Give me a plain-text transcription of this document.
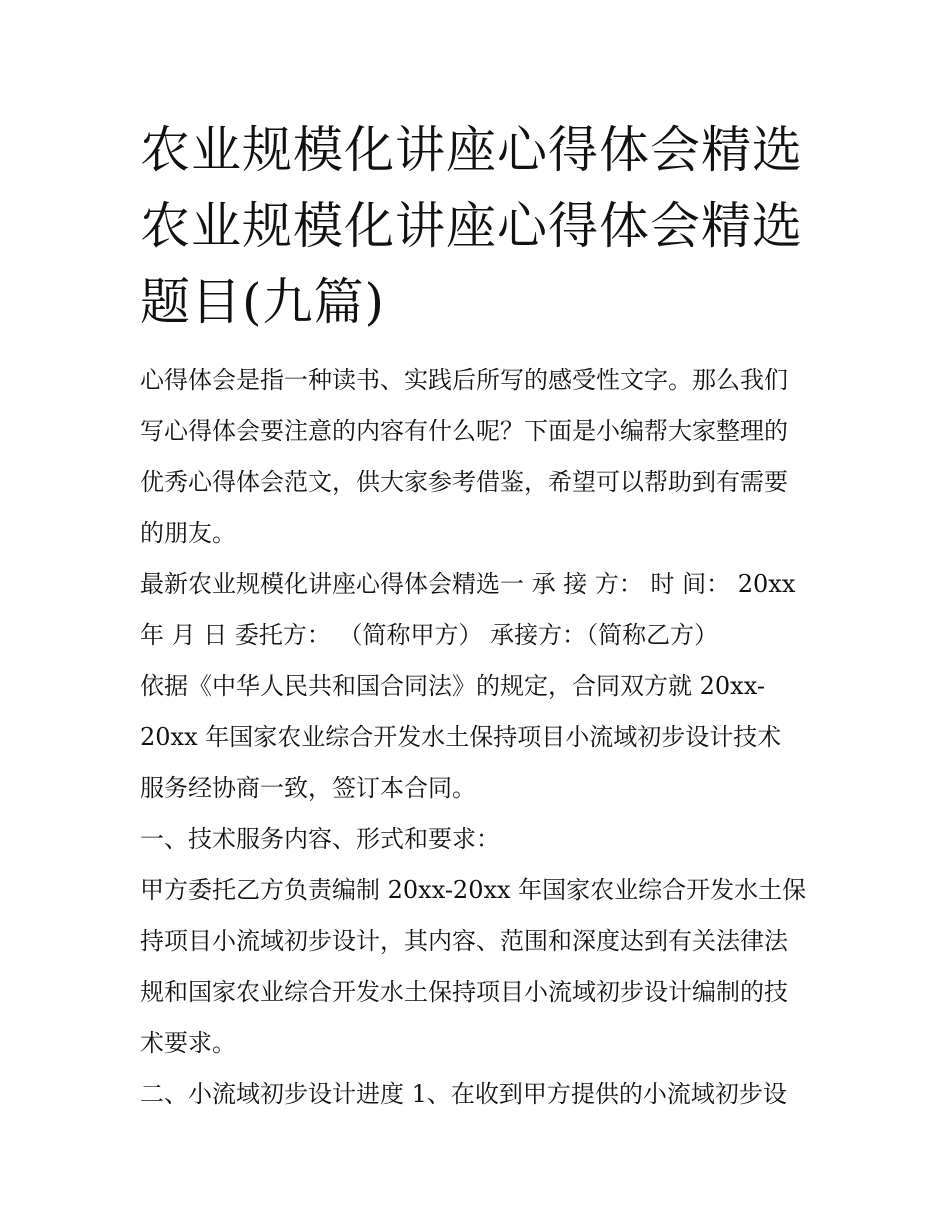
农业规模化讲座心得体会精选
农业规模化讲座心得体会精选
题目(九篇)
心得体会是指一种读书、实践后所写的感受性文字。那么我们
写心得体会要注意的内容有什么呢？下面是小编帮大家整理的
优秀心得体会范文，供大家参考借鉴，希望可以帮助到有需要
的朋友。
最新农业规模化讲座心得体会精选一 承 接 方： 时 间： 20xx
年 月 日 委托方： （简称甲方） 承接方：（简称乙方）
依据《中华人民共和国合同法》的规定，合同双方就 20xx-
20xx 年国家农业综合开发水土保持项目小流域初步设计技术
服务经协商一致，签订本合同。
一、技术服务内容、形式和要求：
甲方委托乙方负责编制 20xx-20xx 年国家农业综合开发水土保
持项目小流域初步设计，其内容、范围和深度达到有关法律法
规和国家农业综合开发水土保持项目小流域初步设计编制的技
术要求。
二、小流域初步设计进度 1、在收到甲方提供的小流域初步设
